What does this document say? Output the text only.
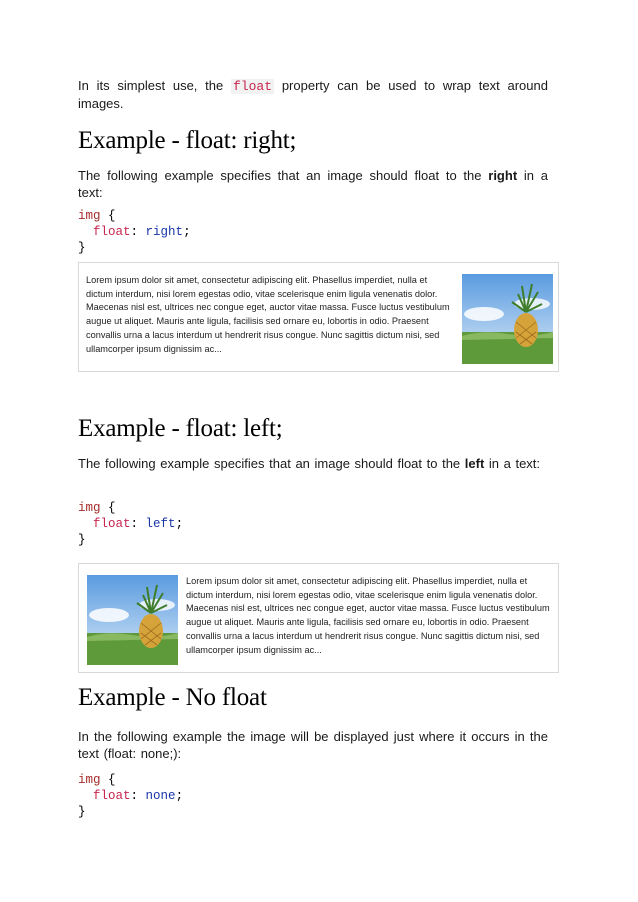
In its simplest use, the float property can be used to wrap text around images.

Example - float: right;

The following example specifies that an image should float to the right in a text:

img {
float: right;
}
Lorem ipsum dolor sit amet, consectetur adipiscing elit. Phasellus imperdiet, nulla et
dictum interdum, nisi lorem egestas odio, vitae scelerisque enim ligula venenatis dolor.
Maecenas nisl est, ultrices nec congue eget, auctor vitae massa. Fusce luctus vestibulum
augue ut aliquet. Mauris ante ligula, facilisis sed ornare eu, lobortis in odio. Praesent
convallis urna a lacus interdum ut hendrerit risus congue. Nunc sagittis dictum nisi, sed
ullamcorper ipsum dignissim ac...
Example - float: left;

The following example specifies that an image should float to the left in a text:

img {
float: left;
}
Lorem ipsum dolor sit amet, consectetur adipiscing elit. Phasellus imperdiet, nulla et
dictum interdum, nisi lorem egestas odio, vitae scelerisque enim ligula venenatis dolor.
Maecenas nisl est, ultrices nec congue eget, auctor vitae massa. Fusce luctus vestibulum
augue ut aliquet. Mauris ante ligula, facilisis sed ornare eu, lobortis in odio. Praesent
convallis urna a lacus interdum ut hendrerit risus congue. Nunc sagittis dictum nisi, sed
ullamcorper ipsum dignissim ac...
Example - No float

In the following example the image will be displayed just where it occurs in the text (float: none;):

img {
float: none;
}
